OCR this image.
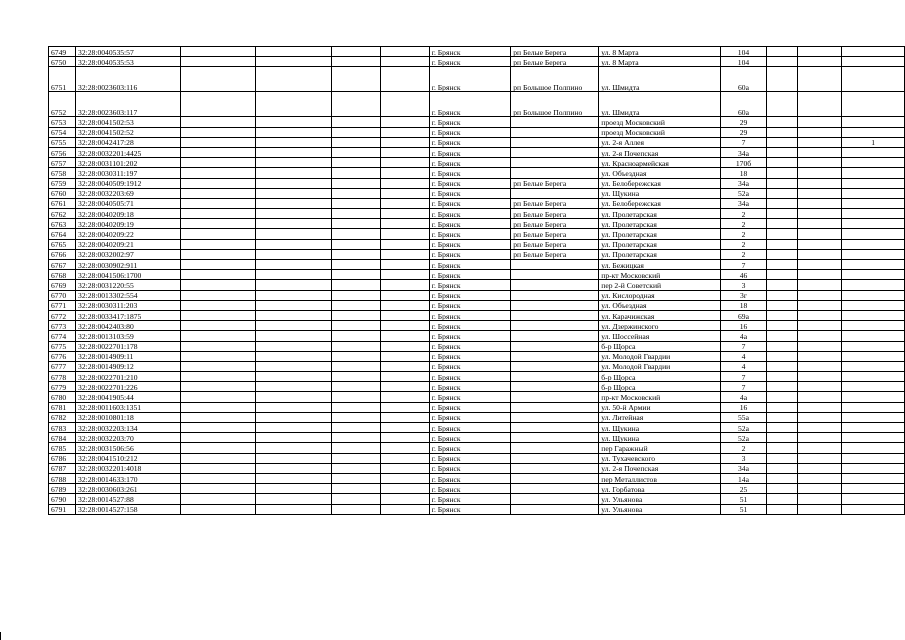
6749	32:28:0040535:57					г. Брянск	рп Белые Берега	ул. 8 Марта	104			
6750	32:28:0040535:53					г. Брянск	рп Белые Берега	ул. 8 Марта	104			
6751	32:28:0023603:116					г. Брянск	рп Большое Полпино	ул. Шмидта	60а			
6752	32:28:0023603:117					г. Брянск	рп Большое Полпино	ул. Шмидта	60а			
6753	32:28:0041502:53					г. Брянск		проезд Московский	29			
6754	32:28:0041502:52					г. Брянск		проезд Московский	29			
6755	32:28:0042417:28					г. Брянск		ул. 2-я Аллея	7			1
6756	32:28:0032201:4425					г. Брянск		ул. 2-я Почепская	34а			
6757	32:28:0031101:202					г. Брянск		ул. Красноармейская	170б			
6758	32:28:0030311:197					г. Брянск		ул. Объездная	18			
6759	32:28:0040509:1912					г. Брянск	рп Белые Берега	ул. Белобережская	34а			
6760	32:28:0032203:69					г. Брянск		ул. Щукина	52а			
6761	32:28:0040505:71					г. Брянск	рп Белые Берега	ул. Белобережская	34а			
6762	32:28:0040209:18					г. Брянск	рп Белые Берега	ул. Пролетарская	2			
6763	32:28:0040209:19					г. Брянск	рп Белые Берега	ул. Пролетарская	2			
6764	32:28:0040209:22					г. Брянск	рп Белые Берега	ул. Пролетарская	2			
6765	32:28:0040209:21					г. Брянск	рп Белые Берега	ул. Пролетарская	2			
6766	32:28:0032002:97					г. Брянск	рп Белые Берега	ул. Пролетарская	2			
6767	32:28:0030902:911					г. Брянск		ул. Бежицкая	7			
6768	32:28:0041506:1700					г. Брянск		пр-кт Московский	46			
6769	32:28:0031220:55					г. Брянск		пер 2-й Советский	3			
6770	32:28:0013302:554					г. Брянск		ул. Кислородная	3г			
6771	32:28:0030311:203					г. Брянск		ул. Объездная	18			
6772	32:28:0033417:1875					г. Брянск		ул. Карачижская	69а			
6773	32:28:0042403:80					г. Брянск		ул. Дзержинского	16			
6774	32:28:0013103:59					г. Брянск		ул. Шоссейная	4а			
6775	32:28:0022701:178					г. Брянск		б-р Щорса	7			
6776	32:28:0014909:11					г. Брянск		ул. Молодой Гвардии	4			
6777	32:28:0014909:12					г. Брянск		ул. Молодой Гвардии	4			
6778	32:28:0022701:210					г. Брянск		б-р Щорса	7			
6779	32:28:0022701:226					г. Брянск		б-р Щорса	7			
6780	32:28:0041905:44					г. Брянск		пр-кт Московский	4а			
6781	32:28:0011603:1351					г. Брянск		ул. 50-й Армии	16			
6782	32:28:0010801:18					г. Брянск		ул. Литейная	55а			
6783	32:28:0032203:134					г. Брянск		ул. Щукина	52а			
6784	32:28:0032203:70					г. Брянск		ул. Щукина	52а			
6785	32:28:0031506:56					г. Брянск		пер Гаражный	2			
6786	32:28:0041510:212					г. Брянск		ул. Тухачевского	3			
6787	32:28:0032201:4018					г. Брянск		ул. 2-я Почепская	34а			
6788	32:28:0014633:170					г. Брянск		пер Металлистов	14а			
6789	32:28:0030603:261					г. Брянск		ул. Горбатова	25			
6790	32:28:0014527:88					г. Брянск		ул. Ульянова	51			
6791	32:28:0014527:158					г. Брянск		ул. Ульянова	51			
